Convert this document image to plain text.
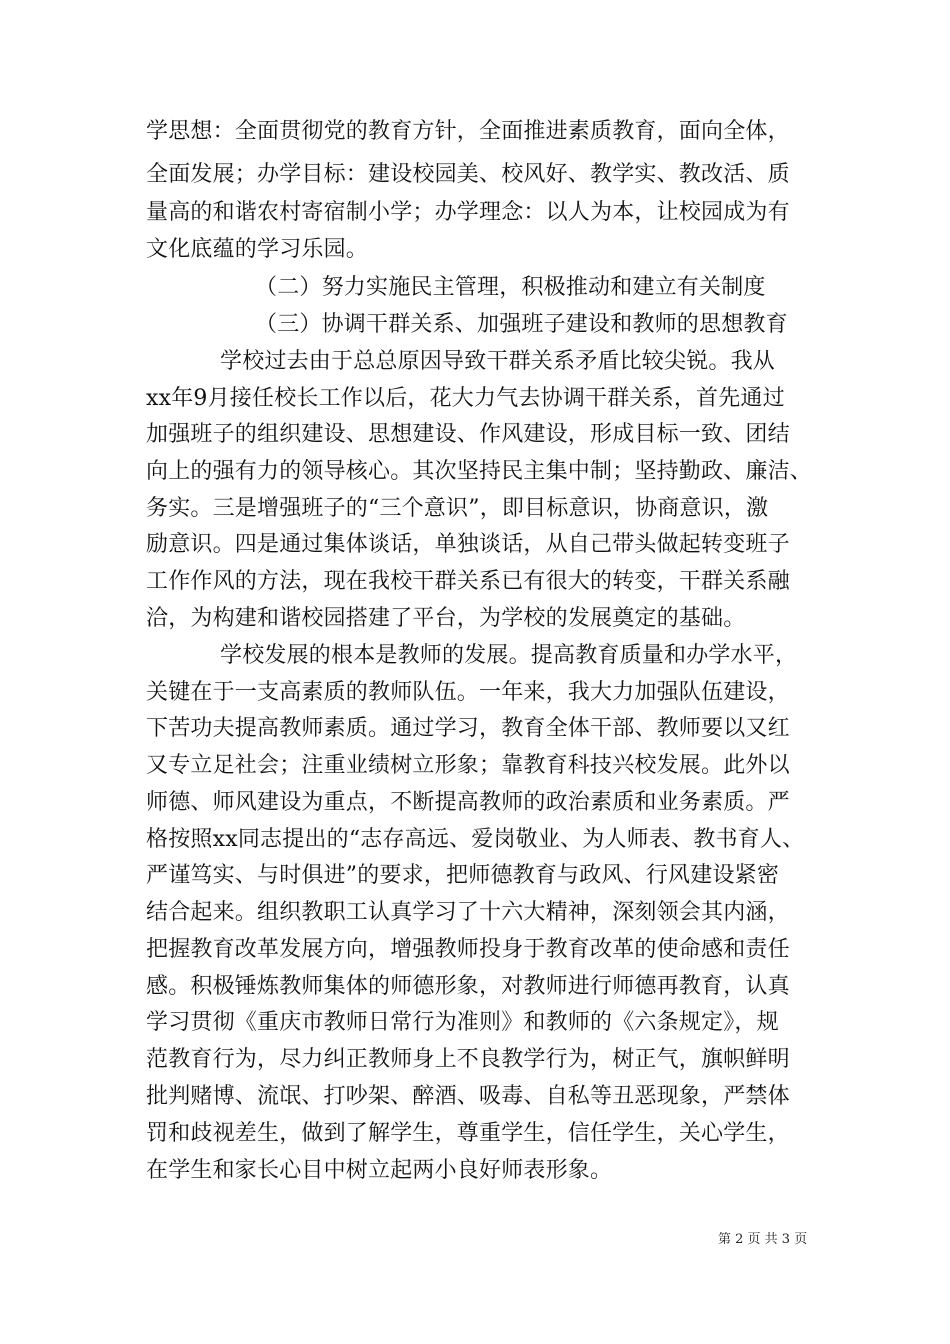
学思想：全面贯彻党的教育方针，全面推进素质教育，面向全体，
全面发展；办学目标：建设校园美、校风好、教学实、教改活、质
量高的和谐农村寄宿制小学；办学理念：以人为本，让校园成为有
文化底蕴的学习乐园。
（二）努力实施民主管理，积极推动和建立有关制度
（三）协调干群关系、加强班子建设和教师的思想教育
学校过去由于总总原因导致干群关系矛盾比较尖锐。我从
xx年9月接任校长工作以后，花大力气去协调干群关系，首先通过
加强班子的组织建设、思想建设、作风建设，形成目标一致、团结
向上的强有力的领导核心。其次坚持民主集中制；坚持勤政、廉洁、
务实。三是增强班子的“三个意识”，即目标意识，协商意识，激
励意识。四是通过集体谈话，单独谈话，从自己带头做起转变班子
工作作风的方法，现在我校干群关系已有很大的转变，干群关系融
洽，为构建和谐校园搭建了平台，为学校的发展奠定的基础。
学校发展的根本是教师的发展。提高教育质量和办学水平，
关键在于一支高素质的教师队伍。一年来，我大力加强队伍建设，
下苦功夫提高教师素质。通过学习，教育全体干部、教师要以又红
又专立足社会；注重业绩树立形象；靠教育科技兴校发展。此外以
师德、师风建设为重点，不断提高教师的政治素质和业务素质。严
格按照xx同志提出的“志存高远、爱岗敬业、为人师表、教书育人、
严谨笃实、与时俱进”的要求，把师德教育与政风、行风建设紧密
结合起来。组织教职工认真学习了十六大精神，深刻领会其内涵，
把握教育改革发展方向，增强教师投身于教育改革的使命感和责任
感。积极锤炼教师集体的师德形象，对教师进行师德再教育，认真
学习贯彻《重庆市教师日常行为准则》和教师的《六条规定》，规
范教育行为，尽力纠正教师身上不良教学行为，树正气，旗帜鲜明
批判赌博、流氓、打吵架、醉酒、吸毒、自私等丑恶现象，严禁体
罚和歧视差生，做到了解学生，尊重学生，信任学生，关心学生，
在学生和家长心目中树立起两小良好师表形象。
第 2 页 共 3 页
